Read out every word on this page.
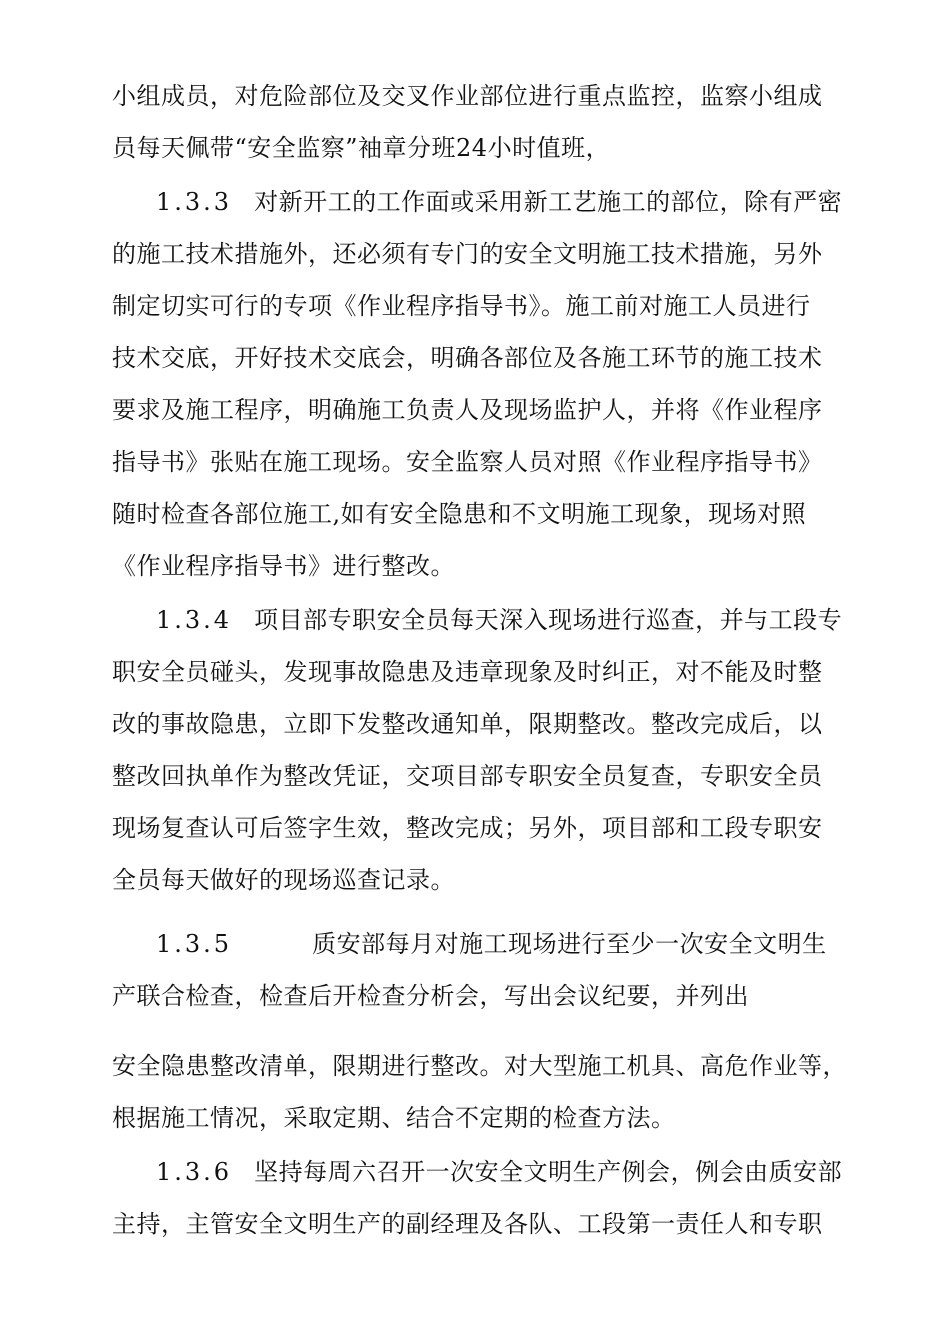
小组成员，对危险部位及交叉作业部位进行重点监控，监察小组成
员每天佩带“安全监察”袖章分班24小时值班，
1.3.3 对新开工的工作面或采用新工艺施工的部位，除有严密
的施工技术措施外，还必须有专门的安全文明施工技术措施，另外
制定切实可行的专项《作业程序指导书》。施工前对施工人员进行
技术交底，开好技术交底会，明确各部位及各施工环节的施工技术
要求及施工程序，明确施工负责人及现场监护人，并将《作业程序
指导书》张贴在施工现场。安全监察人员对照《作业程序指导书》
随时检查各部位施工,如有安全隐患和不文明施工现象，现场对照
《作业程序指导书》进行整改。
1.3.4 项目部专职安全员每天深入现场进行巡查，并与工段专
职安全员碰头，发现事故隐患及违章现象及时纠正，对不能及时整
改的事故隐患，立即下发整改通知单，限期整改。整改完成后，以
整改回执单作为整改凭证，交项目部专职安全员复查，专职安全员
现场复查认可后签字生效，整改完成；另外，项目部和工段专职安
全员每天做好的现场巡查记录。
1.3.5	质安部每月对施工现场进行至少一次安全文明生
产联合检查，检查后开检查分析会，写出会议纪要，并列出
安全隐患整改清单，限期进行整改。对大型施工机具、高危作业等，
根据施工情况，采取定期、结合不定期的检查方法。
1.3.6 坚持每周六召开一次安全文明生产例会，例会由质安部
主持，主管安全文明生产的副经理及各队、工段第一责任人和专职
